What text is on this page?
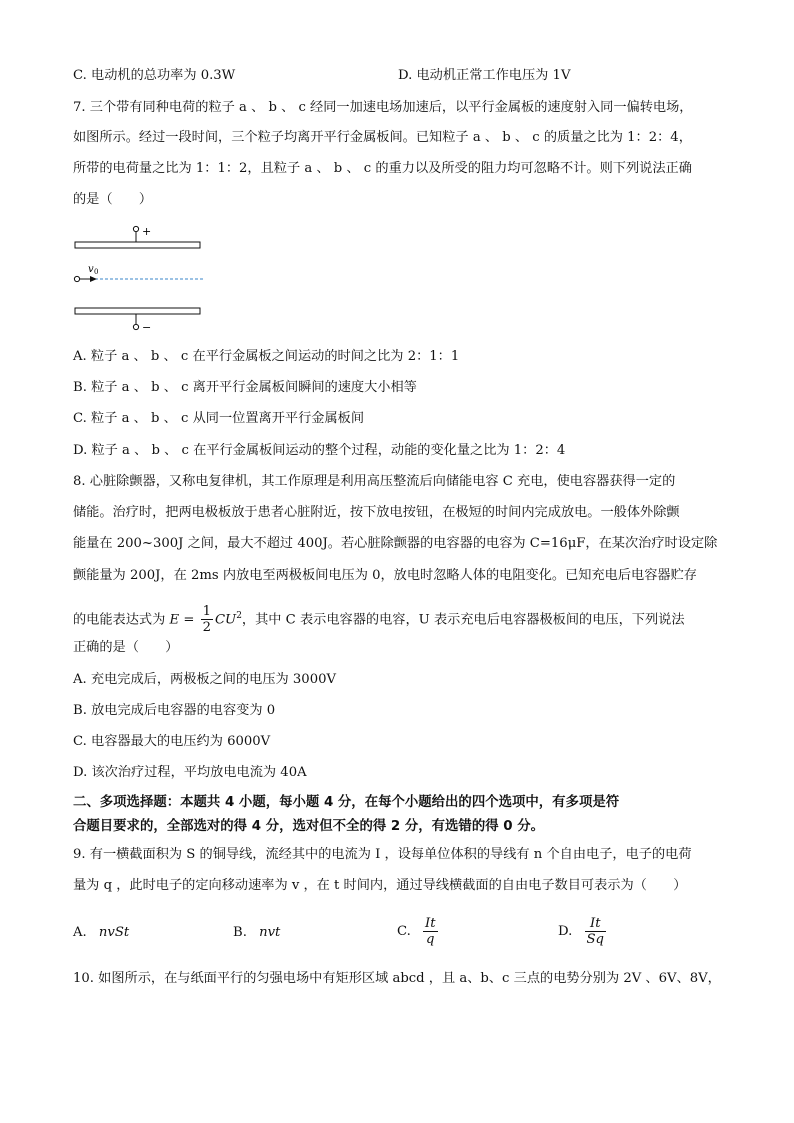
C. 电动机的总功率为 0.3W	D. 电动机正常工作电压为 1V
7. 三个带有同种电荷的粒子 a 、 b 、 c 经同一加速电场加速后，以平行金属板的速度射入同一偏转电场，
如图所示。经过一段时间，三个粒子均离开平行金属板间。已知粒子 a 、 b 、 c 的质量之比为 1：2：4，
所带的电荷量之比为 1：1：2，且粒子 a 、 b 、 c 的重力以及所受的阻力均可忽略不计。则下列说法正确
的是（　　）
+
v 0
−
A. 粒子 a 、 b 、 c 在平行金属板之间运动的时间之比为 2：1：1
B. 粒子 a 、 b 、 c 离开平行金属板间瞬间的速度大小相等
C. 粒子 a 、 b 、 c 从同一位置离开平行金属板间
D. 粒子 a 、 b 、 c 在平行金属板间运动的整个过程，动能的变化量之比为 1：2：4
8. 心脏除颤器，又称电复律机，其工作原理是利用高压整流后向储能电容 C 充电，使电容器获得一定的
储能。治疗时，把两电极板放于患者心脏附近，按下放电按钮，在极短的时间内完成放电。一般体外除颤
能量在 200~300J 之间，最大不超过 400J。若心脏除颤器的电容器的电容为 C=16μF，在某次治疗时设定除
颤能量为 200J，在 2ms 内放电至两极板间电压为 0，放电时忽略人体的电阻变化。已知充电后电容器贮存
的电能表达式为 $E = \frac{1}{2} CU^2$，其中 C 表示电容器的电容，U 表示充电后电容器极板间的电压，下列说法
正确的是（　　）
A. 充电完成后，两极板之间的电压为 3000V
B. 放电完成后电容器的电容变为 0
C. 电容器最大的电压约为 6000V
D. 该次治疗过程，平均放电电流为 40A
二、多项选择题：本题共 4 小题，每小题 4 分，在每个小题给出的四个选项中，有多项是符
合题目要求的，全部选对的得 4 分，选对但不全的得 2 分，有选错的得 0 分。
9. 有一横截面积为 S 的铜导线，流经其中的电流为 I ，设每单位体积的导线有 n 个自由电子，电子的电荷
量为 q ，此时电子的定向移动速率为 v ，在 t 时间内，通过导线横截面的自由电子数目可表示为（　　）
A. nvSt	B. nvt	C. $\frac{It}{q}$	D. $\frac{It}{Sq}$
10. 如图所示，在与纸面平行的匀强电场中有矩形区域 abcd ，且 a、b、c 三点的电势分别为 2V 、6V、8V，
